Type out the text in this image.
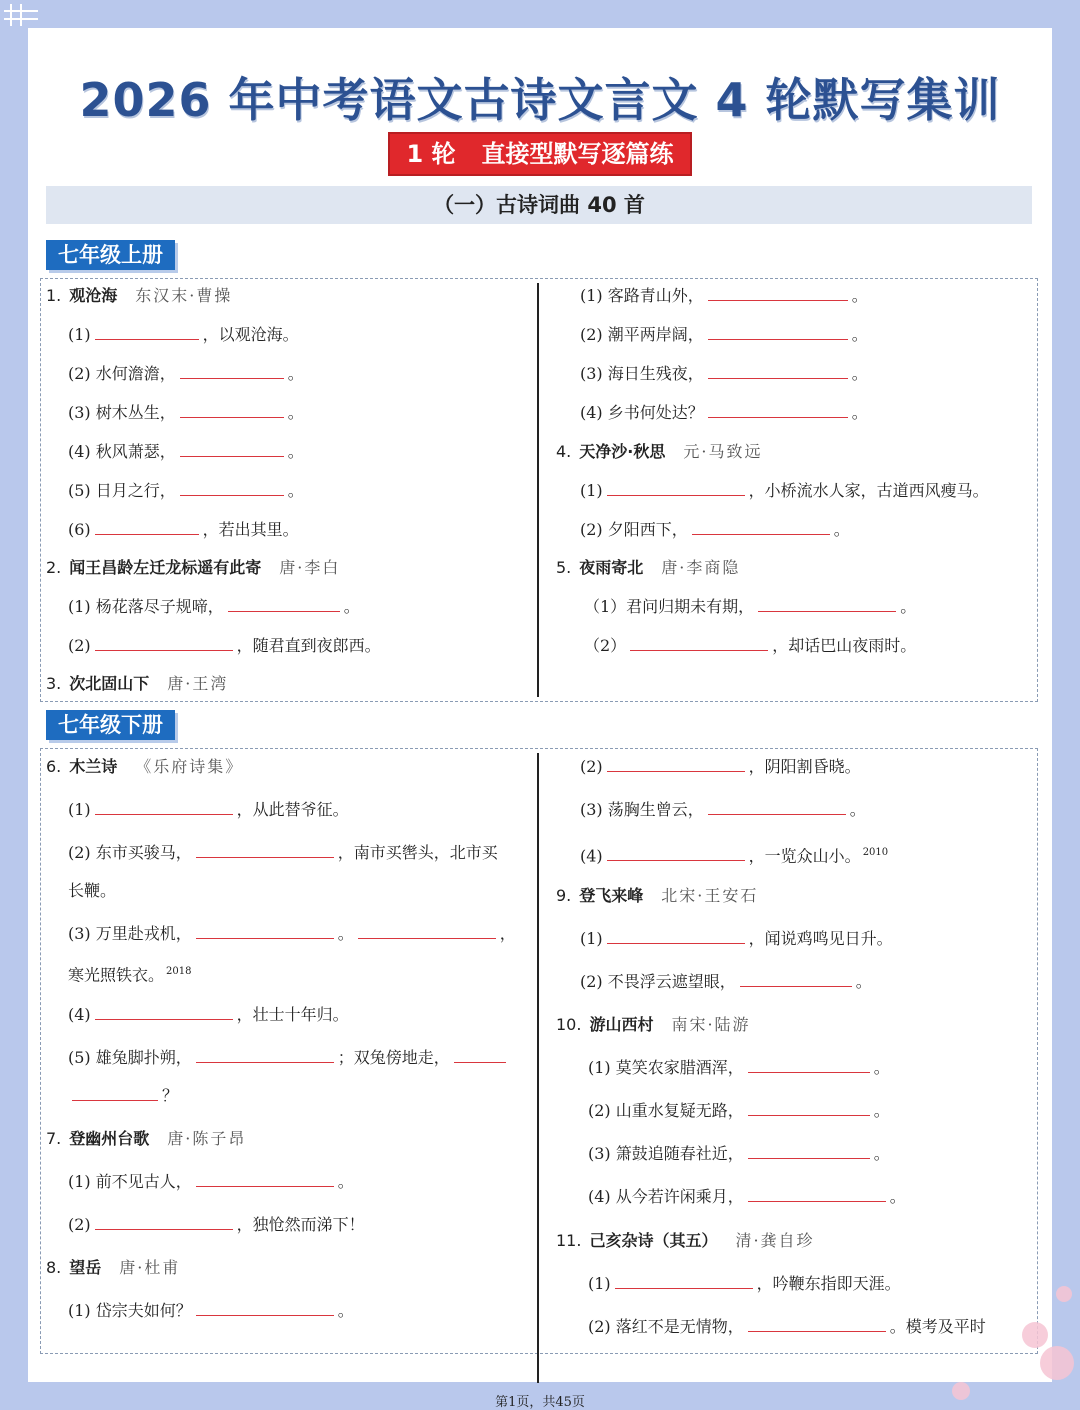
2026 年中考语文古诗文言文 4 轮默写集训
1 轮 直接型默写逐篇练
（一）古诗词曲 40 首
七年级上册
七年级下册
1. 观沧海 东汉末·曹操
(1)	，以观沧海。
(2) 水何澹澹，	。
(3) 树木丛生，	。
(4) 秋风萧瑟，	。
(5) 日月之行，	。
(6)	，若出其里。
2. 闻王昌龄左迁龙标遥有此寄 唐·李白
(1) 杨花落尽子规啼，	。
(2)	，随君直到夜郎西。
3. 次北固山下 唐·王湾
(1) 客路青山外，	。
(2) 潮平两岸阔，	。
(3) 海日生残夜，	。
(4) 乡书何处达？	。
4. 天净沙·秋思 元·马致远
(1)	，小桥流水人家，古道西风瘦马。
(2) 夕阳西下，	。
5. 夜雨寄北 唐·李商隐
（1）君问归期未有期，	。
（2）	，却话巴山夜雨时。
6. 木兰诗 《乐府诗集》
(1)	，从此替爷征。
(2) 东市买骏马，	，南市买辔头，北市买
长鞭。
(3) 万里赴戎机，	。	，
寒光照铁衣。 $^{2018}$
(4)	，壮士十年归。
(5) 雄兔脚扑朔，	；双兔傍地走，
？
7. 登幽州台歌 唐·陈子昂
(1) 前不见古人，	。
(2)	，独怆然而涕下！
8. 望岳 唐·杜甫
(1) 岱宗夫如何？	。
(2)	，阴阳割昏晓。
(3) 荡胸生曾云，	。
(4)	，一览众山小。 $^{2010}$
9. 登飞来峰 北宋·王安石
(1)	，闻说鸡鸣见日升。
(2) 不畏浮云遮望眼，	。
10. 游山西村 南宋·陆游
(1) 莫笑农家腊酒浑，	。
(2) 山重水复疑无路，	。
(3) 箫鼓追随春社近，	。
(4) 从今若许闲乘月，	。
11. 己亥杂诗（其五） 清·龚自珍
(1)	，吟鞭东指即天涯。
(2) 落红不是无情物，	。模考及平时
第1页，共45页
